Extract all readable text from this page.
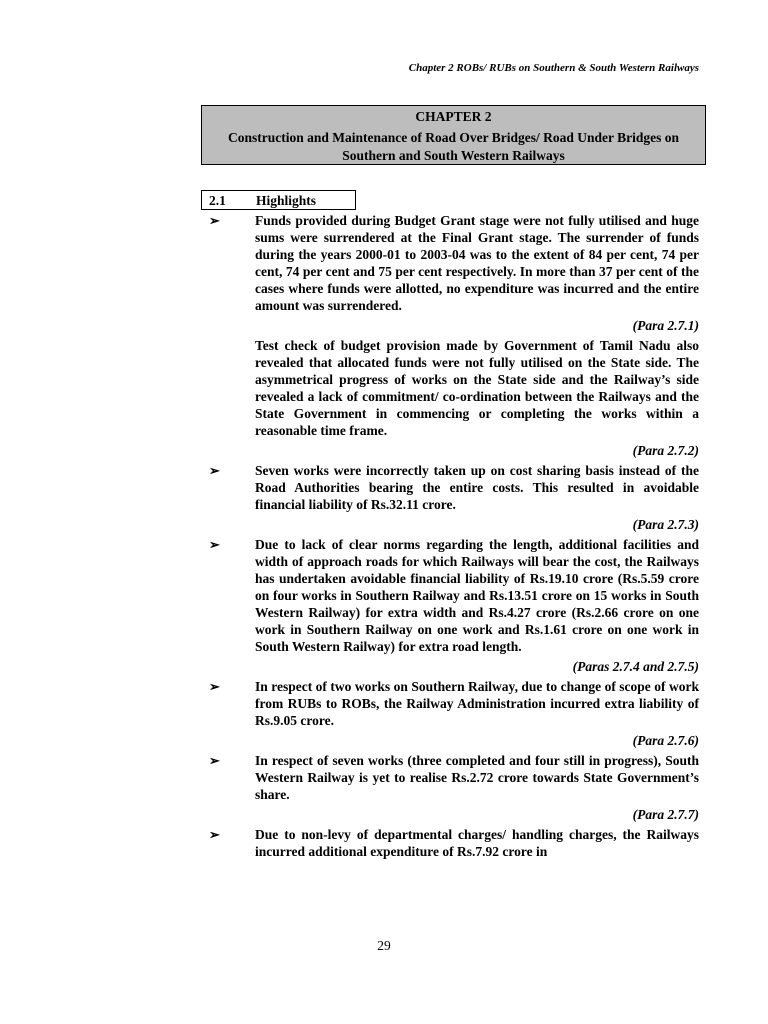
Chapter 2 ROBs/ RUBs on Southern & South Western Railways
CHAPTER 2
Construction and Maintenance of Road Over Bridges/ Road Under Bridges on Southern and South Western Railways
2.1 Highlights
➢	Funds provided during Budget Grant stage were not fully utilised and huge sums were surrendered at the Final Grant stage. The surrender of funds during the years 2000-01 to 2003-04 was to the extent of 84 per cent, 74 per cent, 74 per cent and 75 per cent respectively. In more than 37 per cent of the cases where funds were allotted, no expenditure was incurred and the entire amount was surrendered.

(Para 2.7.1)

Test check of budget provision made by Government of Tamil Nadu also revealed that allocated funds were not fully utilised on the State side. The asymmetrical progress of works on the State side and the Railway’s side revealed a lack of commitment/ co-ordination between the Railways and the State Government in commencing or completing the works within a reasonable time frame.

(Para 2.7.2)
➢	Seven works were incorrectly taken up on cost sharing basis instead of the Road Authorities bearing the entire costs. This resulted in avoidable financial liability of Rs.32.11 crore.

(Para 2.7.3)
➢	Due to lack of clear norms regarding the length, additional facilities and width of approach roads for which Railways will bear the cost, the Railways has undertaken avoidable financial liability of Rs.19.10 crore (Rs.5.59 crore on four works in Southern Railway and Rs.13.51 crore on 15 works in South Western Railway) for extra width and Rs.4.27 crore (Rs.2.66 crore on one work in Southern Railway on one work and Rs.1.61 crore on one work in South Western Railway) for extra road length.

(Paras 2.7.4 and 2.7.5)
➢	In respect of two works on Southern Railway, due to change of scope of work from RUBs to ROBs, the Railway Administration incurred extra liability of Rs.9.05 crore.

(Para 2.7.6)
➢	In respect of seven works (three completed and four still in progress), South Western Railway is yet to realise Rs.2.72 crore towards State Government’s share.

(Para 2.7.7)
➢	Due to non-levy of departmental charges/ handling charges, the Railways incurred additional expenditure of Rs.7.92 crore in

29
